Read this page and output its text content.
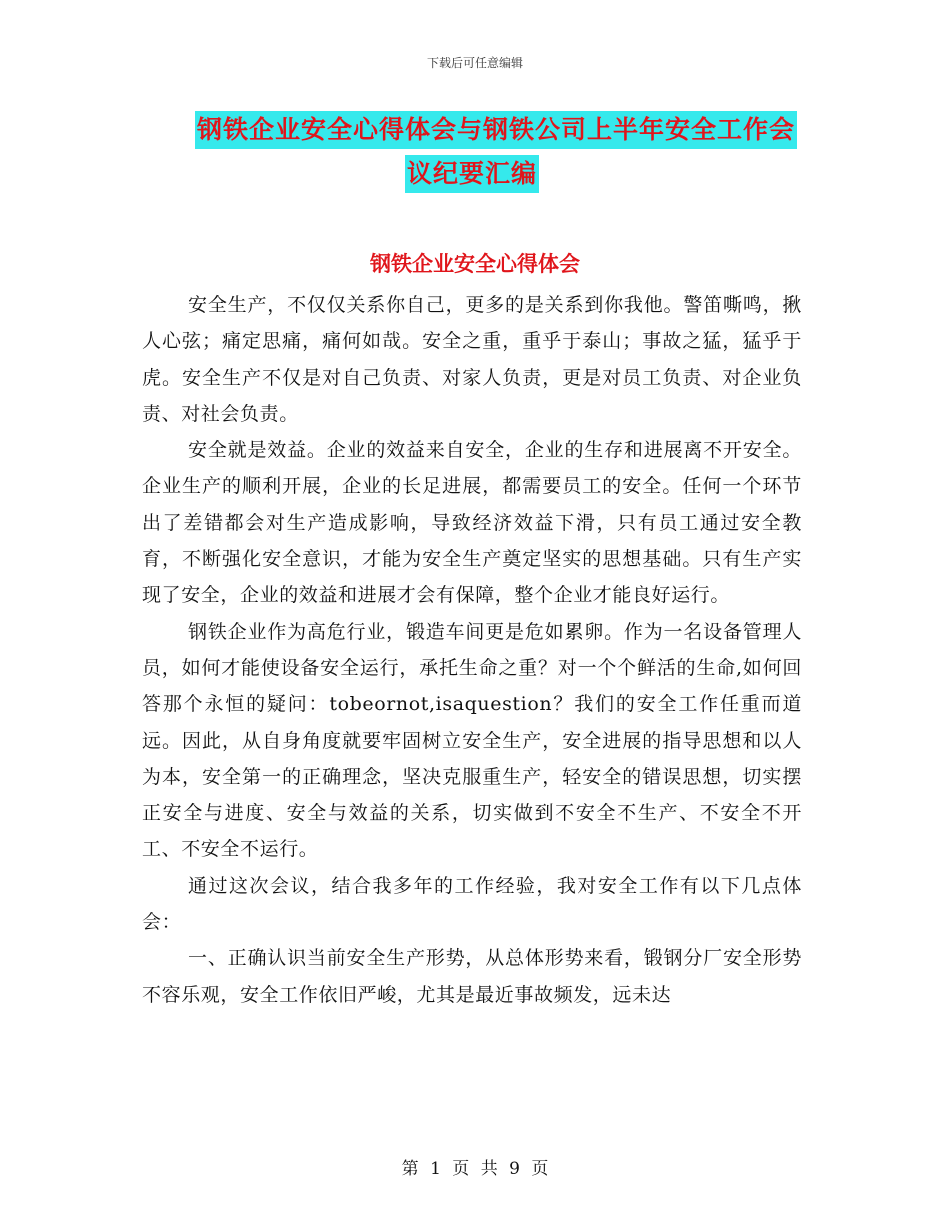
下载后可任意编辑
钢铁企业安全心得体会与钢铁公司上半年安全工作会
议纪要汇编
钢铁企业安全心得体会

安全生产，不仅仅关系你自己，更多的是关系到你我他。警笛嘶鸣，揪人心弦；痛定思痛，痛何如哉。安全之重，重乎于泰山；事故之猛，猛乎于虎。安全生产不仅是对自己负责、对家人负责，更是对员工负责、对企业负责、对社会负责。

安全就是效益。企业的效益来自安全，企业的生存和进展离不开安全。企业生产的顺利开展，企业的长足进展，都需要员工的安全。任何一个环节出了差错都会对生产造成影响，导致经济效益下滑，只有员工通过安全教育，不断强化安全意识，才能为安全生产奠定坚实的思想基础。只有生产实现了安全，企业的效益和进展才会有保障，整个企业才能良好运行。

钢铁企业作为高危行业，锻造车间更是危如累卵。作为一名设备管理人员，如何才能使设备安全运行，承托生命之重？对一个个鲜活的生命,如何回答那个永恒的疑问：tobeornot,isaquestion？我们的安全工作任重而道远。因此，从自身角度就要牢固树立安全生产，安全进展的指导思想和以人为本，安全第一的正确理念，坚决克服重生产，轻安全的错误思想，切实摆正安全与进度、安全与效益的关系，切实做到不安全不生产、不安全不开工、不安全不运行。

通过这次会议，结合我多年的工作经验，我对安全工作有以下几点体会：

一、正确认识当前安全生产形势，从总体形势来看，锻钢分厂安全形势不容乐观，安全工作依旧严峻，尤其是最近事故频发，远未达

第 1 页 共 9 页
